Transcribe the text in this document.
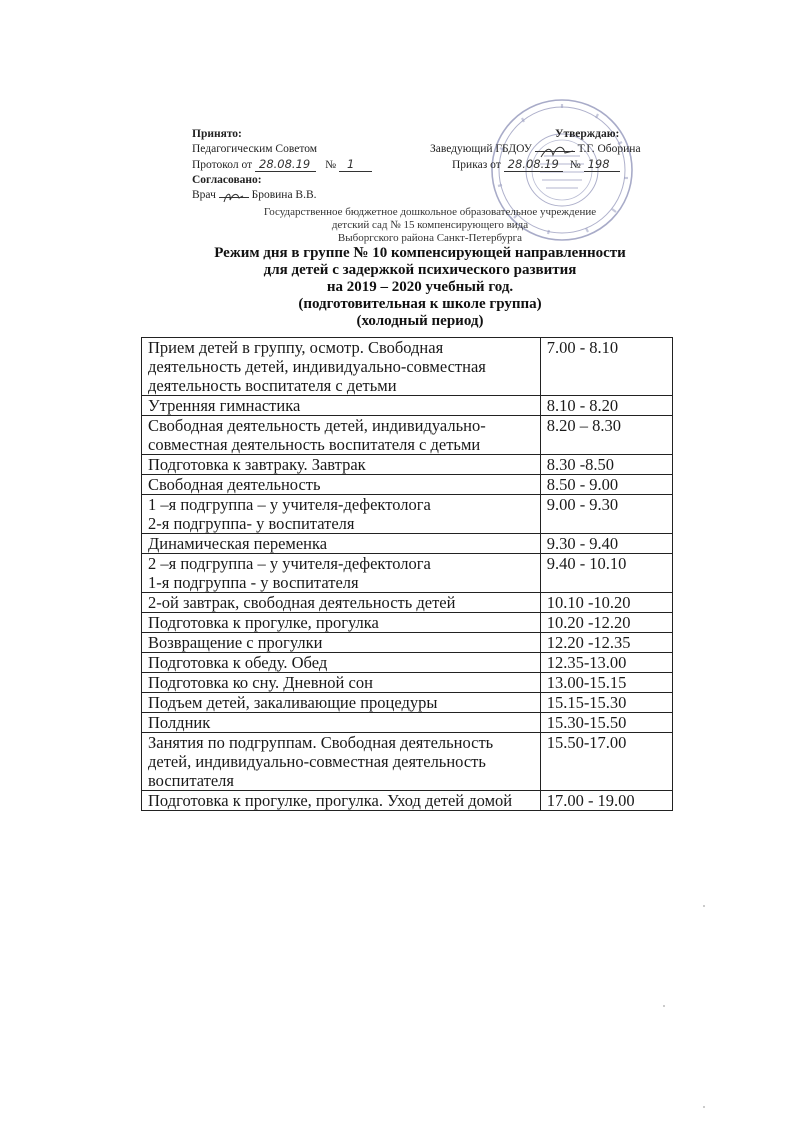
Принято:
Педагогическим Советом
Протокол от 28.08.19 № 1
Согласовано:
Врач	Бровина В.В.
Утверждаю:
Заведующий ГБДОУ	Т.Г. Оборина
Приказ от 28.08.19 № 198
Государственное бюджетное дошкольное образовательное учреждение
детский сад № 15 компенсирующего вида
Выборгского района Санкт-Петербурга
Режим дня в группе № 10 компенсирующей направленности
для детей с задержкой психического развития
на 2019 – 2020 учебный год.
(подготовительная к школе группа)
(холодный период)
Прием детей в группу, осмотр. Свободная деятельность детей, индивидуально-совместная деятельность воспитателя с детьми	7.00 - 8.10
Утренняя гимнастика	8.10 - 8.20
Свободная деятельность детей, индивидуально-совместная деятельность воспитателя с детьми	8.20 – 8.30
Подготовка к завтраку. Завтрак	8.30 -8.50
Свободная деятельность	8.50 - 9.00
1 –я подгруппа – у учителя-дефектолога
2-я подгруппа- у воспитателя	9.00 - 9.30
Динамическая переменка	9.30 - 9.40
2 –я подгруппа – у учителя-дефектолога
1-я подгруппа - у воспитателя	9.40 - 10.10
2-ой завтрак, свободная деятельность детей	10.10 -10.20
Подготовка к прогулке, прогулка	10.20 -12.20
Возвращение с прогулки	12.20 -12.35
Подготовка к обеду. Обед	12.35-13.00
Подготовка ко сну. Дневной сон	13.00-15.15
Подъем детей, закаливающие процедуры	15.15-15.30
Полдник	15.30-15.50
Занятия по подгруппам. Свободная деятельность детей, индивидуально-совместная деятельность воспитателя	15.50-17.00
Подготовка к прогулке, прогулка. Уход детей домой	17.00 - 19.00
